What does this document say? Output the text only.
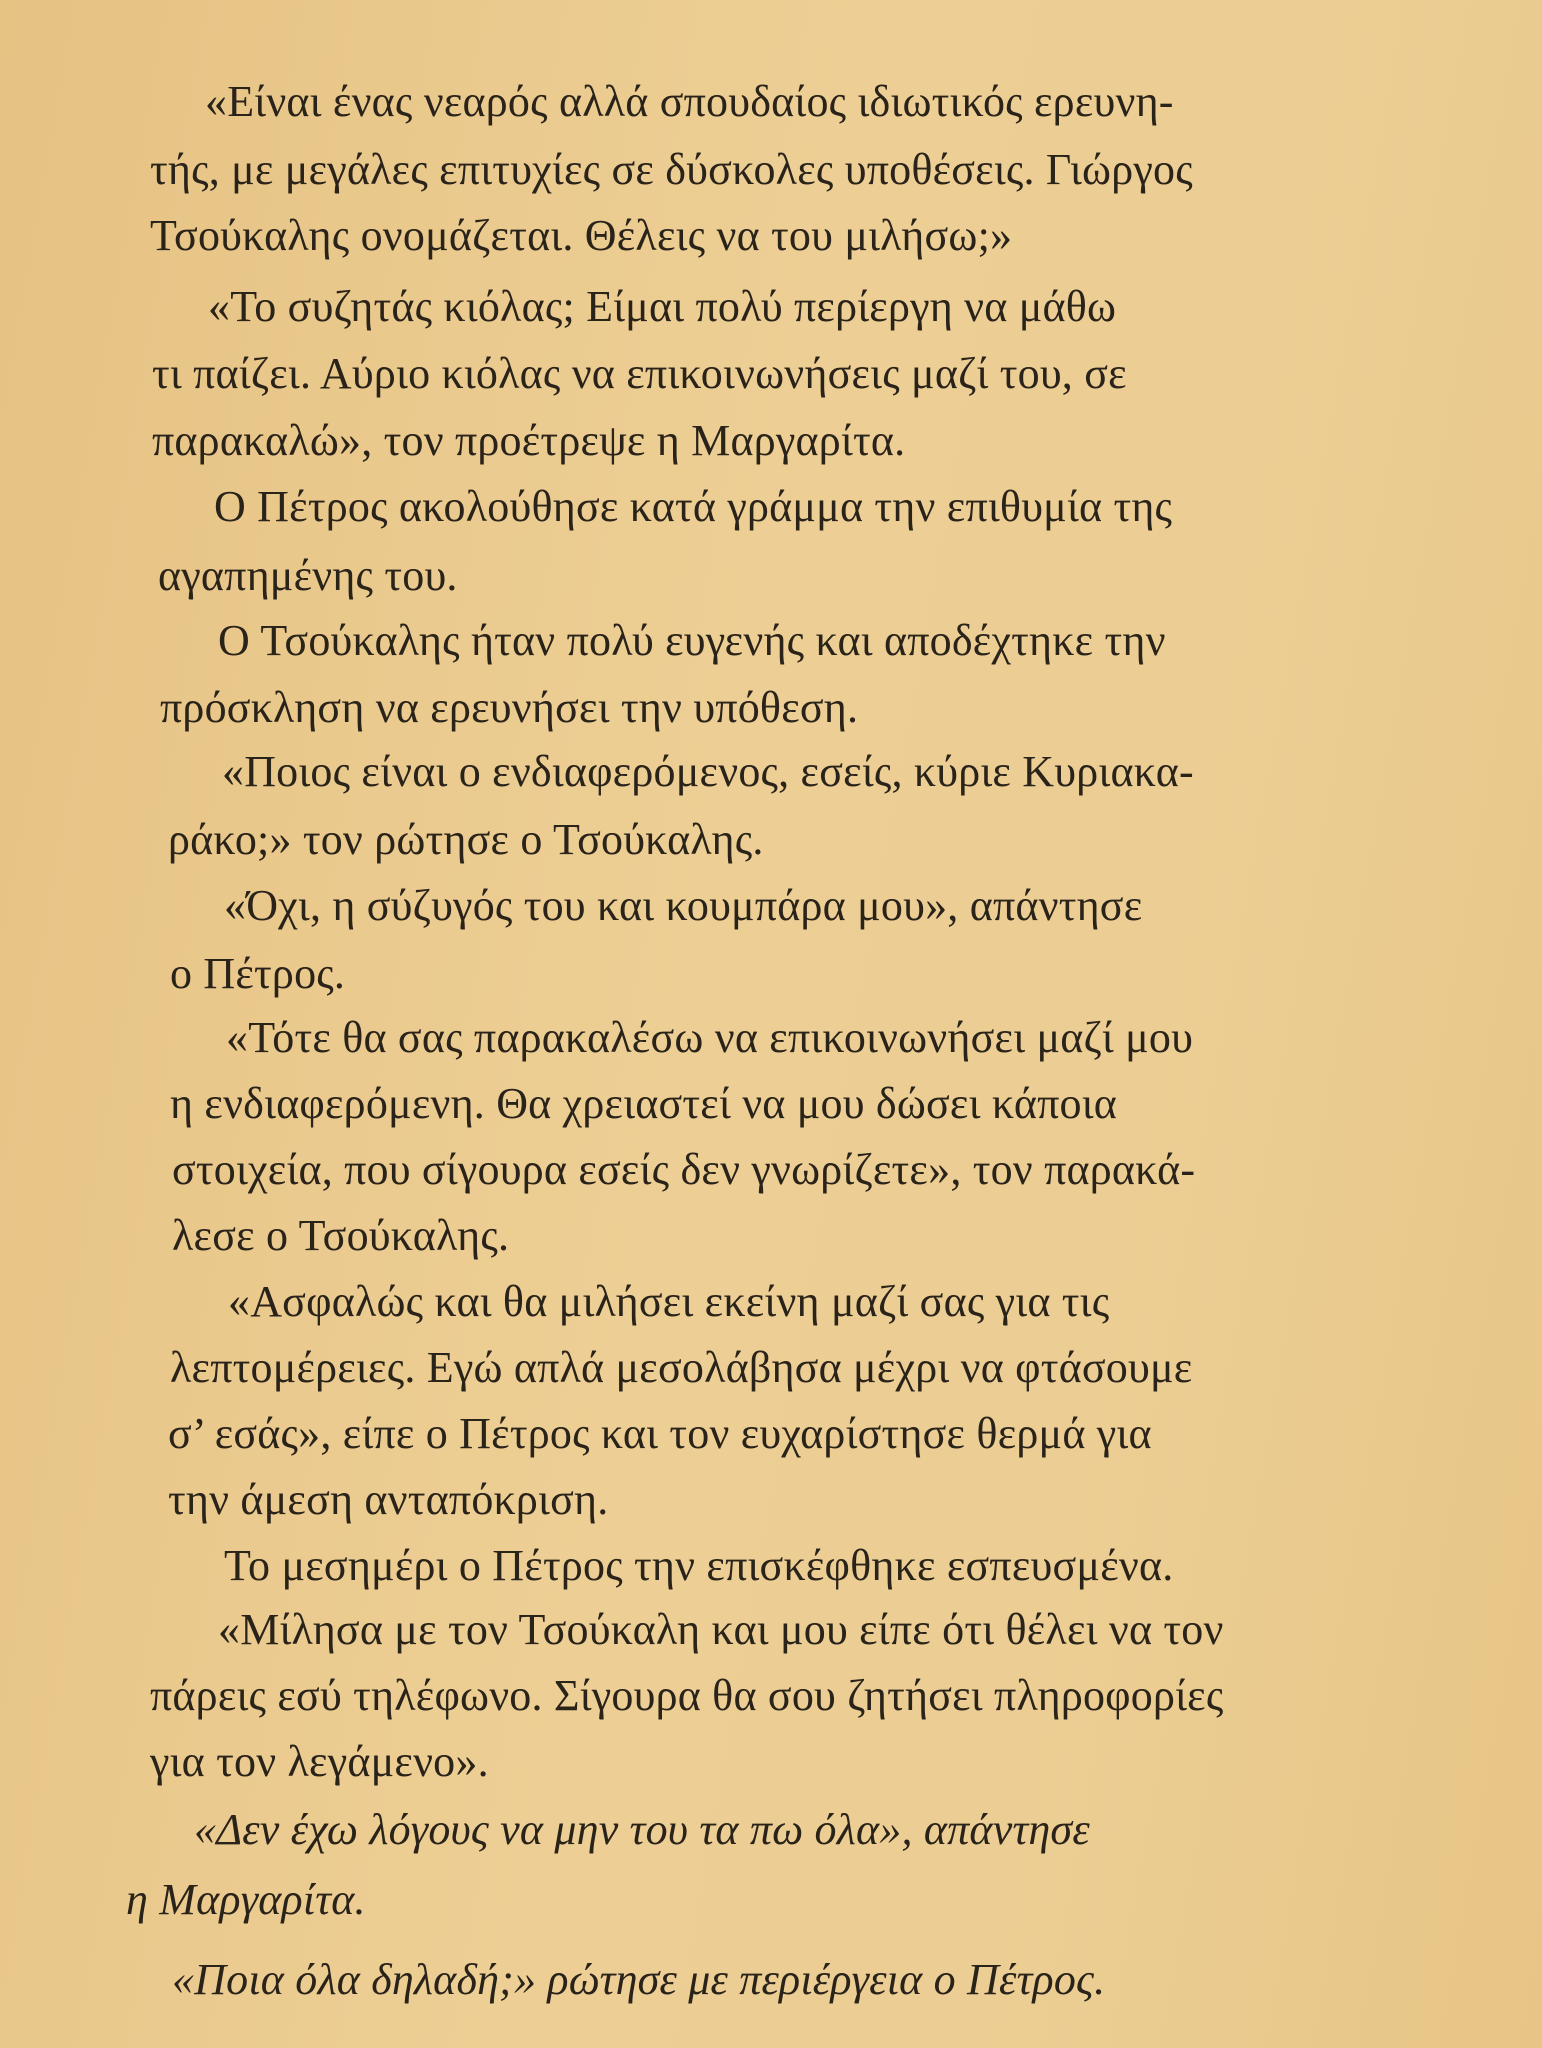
«Είναι ένας νεαρός αλλά σπουδαίος ιδιωτικός ερευνη-
τής, με μεγάλες επιτυχίες σε δύσκολες υποθέσεις. Γιώργος
Τσούκαλης ονομάζεται. Θέλεις να του μιλήσω;»
«Το συζητάς κιόλας; Είμαι πολύ περίεργη να μάθω
τι παίζει. Αύριο κιόλας να επικοινωνήσεις μαζί του, σε
παρακαλώ», τον προέτρεψε η Μαργαρίτα.
Ο Πέτρος ακολούθησε κατά γράμμα την επιθυμία της
αγαπημένης του.
Ο Τσούκαλης ήταν πολύ ευγενής και αποδέχτηκε την
πρόσκληση να ερευνήσει την υπόθεση.
«Ποιος είναι ο ενδιαφερόμενος, εσείς, κύριε Κυριακα-
ράκο;» τον ρώτησε ο Τσούκαλης.
«Όχι, η σύζυγός του και κουμπάρα μου», απάντησε
ο Πέτρος.
«Τότε θα σας παρακαλέσω να επικοινωνήσει μαζί μου
η ενδιαφερόμενη. Θα χρειαστεί να μου δώσει κάποια
στοιχεία, που σίγουρα εσείς δεν γνωρίζετε», τον παρακά-
λεσε ο Τσούκαλης.
«Ασφαλώς και θα μιλήσει εκείνη μαζί σας για τις
λεπτομέρειες. Εγώ απλά μεσολάβησα μέχρι να φτάσουμε
σ’ εσάς», είπε ο Πέτρος και τον ευχαρίστησε θερμά για
την άμεση ανταπόκριση.
Το μεσημέρι ο Πέτρος την επισκέφθηκε εσπευσμένα.
«Μίλησα με τον Τσούκαλη και μου είπε ότι θέλει να τον
πάρεις εσύ τηλέφωνο. Σίγουρα θα σου ζητήσει πληροφορίες
για τον λεγάμενο».
«Δεν έχω λόγους να μην του τα πω όλα», απάντησε
η Μαργαρίτα.
«Ποια όλα δηλαδή;» ρώτησε με περιέργεια ο Πέτρος.
